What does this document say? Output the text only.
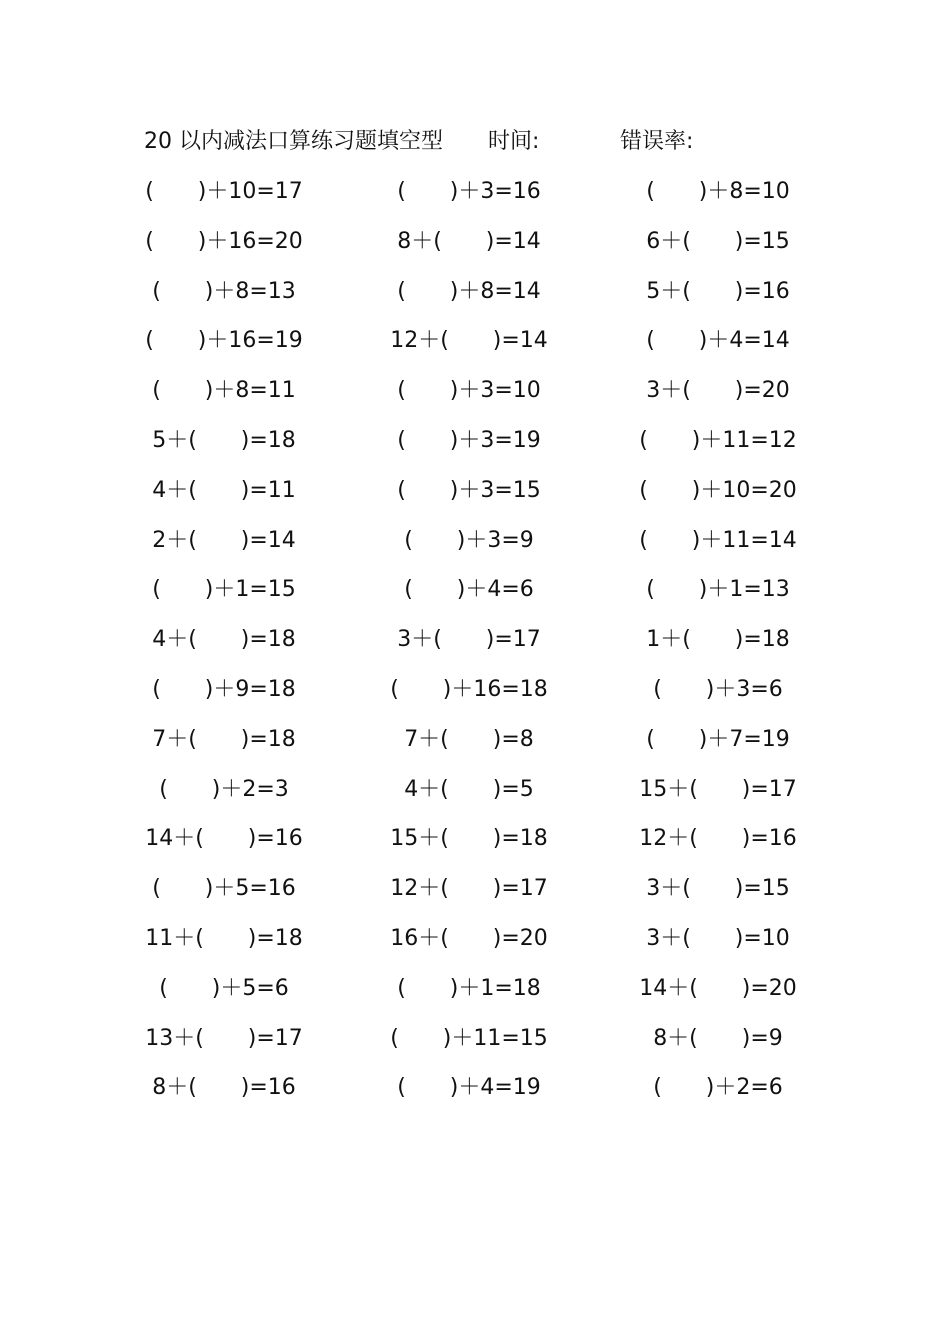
20 以内减法口算练习题填空型 时间:	错误率:
(　　)＋10=17	(　　)＋3=16	(　　)＋8=10
(　　)＋16=20	8＋(　　)=14	6＋(　　)=15
(　　)＋8=13	(　　)＋8=14	5＋(　　)=16
(　　)＋16=19	12＋(　　)=14	(　　)＋4=14
(　　)＋8=11	(　　)＋3=10	3＋(　　)=20
5＋(　　)=18	(　　)＋3=19	(　　)＋11=12
4＋(　　)=11	(　　)＋3=15	(　　)＋10=20
2＋(　　)=14	(　　)＋3=9	(　　)＋11=14
(　　)＋1=15	(　　)＋4=6	(　　)＋1=13
4＋(　　)=18	3＋(　　)=17	1＋(　　)=18
(　　)＋9=18	(　　)＋16=18	(　　)＋3=6
7＋(　　)=18	7＋(　　)=8	(　　)＋7=19
(　　)＋2=3	4＋(　　)=5	15＋(　　)=17
14＋(　　)=16	15＋(　　)=18	12＋(　　)=16
(　　)＋5=16	12＋(　　)=17	3＋(　　)=15
11＋(　　)=18	16＋(　　)=20	3＋(　　)=10
(　　)＋5=6	(　　)＋1=18	14＋(　　)=20
13＋(　　)=17	(　　)＋11=15	8＋(　　)=9
8＋(　　)=16	(　　)＋4=19	(　　)＋2=6
